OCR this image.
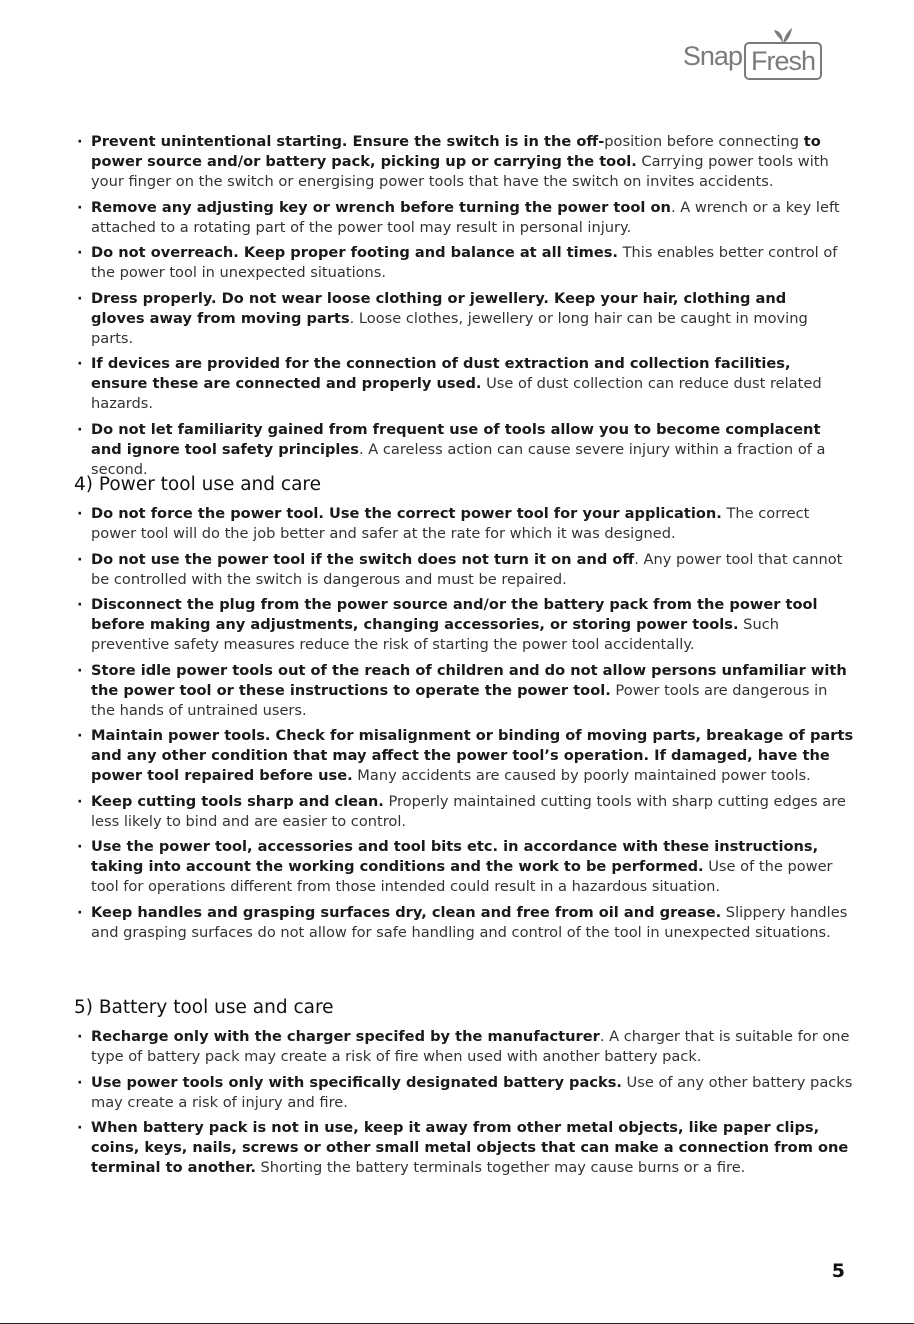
Snap Fresh
· Prevent unintentional starting. Ensure the switch is in the off-position before connecting to power source and/or battery pack, picking up or carrying the tool. Carrying power tools with your finger on the switch or energising power tools that have the switch on invites accidents.
· Remove any adjusting key or wrench before turning the power tool on. A wrench or a key left attached to a rotating part of the power tool may result in personal injury.
· Do not overreach. Keep proper footing and balance at all times. This enables better control of the power tool in unexpected situations.
· Dress properly. Do not wear loose clothing or jewellery. Keep your hair, clothing and gloves away from moving parts. Loose clothes, jewellery or long hair can be caught in moving parts.
· If devices are provided for the connection of dust extraction and collection facilities, ensure these are connected and properly used. Use of dust collection can reduce dust related hazards.
· Do not let familiarity gained from frequent use of tools allow you to become complacent and ignore tool safety principles. A careless action can cause severe injury within a fraction of a second.
4) Power tool use and care
· Do not force the power tool. Use the correct power tool for your application. The correct power tool will do the job better and safer at the rate for which it was designed.
· Do not use the power tool if the switch does not turn it on and off. Any power tool that cannot be controlled with the switch is dangerous and must be repaired.
· Disconnect the plug from the power source and/or the battery pack from the power tool before making any adjustments, changing accessories, or storing power tools. Such preventive safety measures reduce the risk of starting the power tool accidentally.
· Store idle power tools out of the reach of children and do not allow persons unfamiliar with the power tool or these instructions to operate the power tool. Power tools are dangerous in the hands of untrained users.
· Maintain power tools. Check for misalignment or binding of moving parts, breakage of parts and any other condition that may affect the power tool’s operation. If damaged, have the power tool repaired before use. Many accidents are caused by poorly maintained power tools.
· Keep cutting tools sharp and clean. Properly maintained cutting tools with sharp cutting edges are less likely to bind and are easier to control.
· Use the power tool, accessories and tool bits etc. in accordance with these instructions, taking into account the working conditions and the work to be performed. Use of the power tool for operations different from those intended could result in a hazardous situation.
· Keep handles and grasping surfaces dry, clean and free from oil and grease. Slippery handles and grasping surfaces do not allow for safe handling and control of the tool in unexpected situations.
5) Battery tool use and care
· Recharge only with the charger specifed by the manufacturer. A charger that is suitable for one type of battery pack may create a risk of fire when used with another battery pack.
· Use power tools only with specifically designated battery packs. Use of any other battery packs may create a risk of injury and fire.
· When battery pack is not in use, keep it away from other metal objects, like paper clips, coins, keys, nails, screws or other small metal objects that can make a connection from one terminal to another. Shorting the battery terminals together may cause burns or a fire.
5
